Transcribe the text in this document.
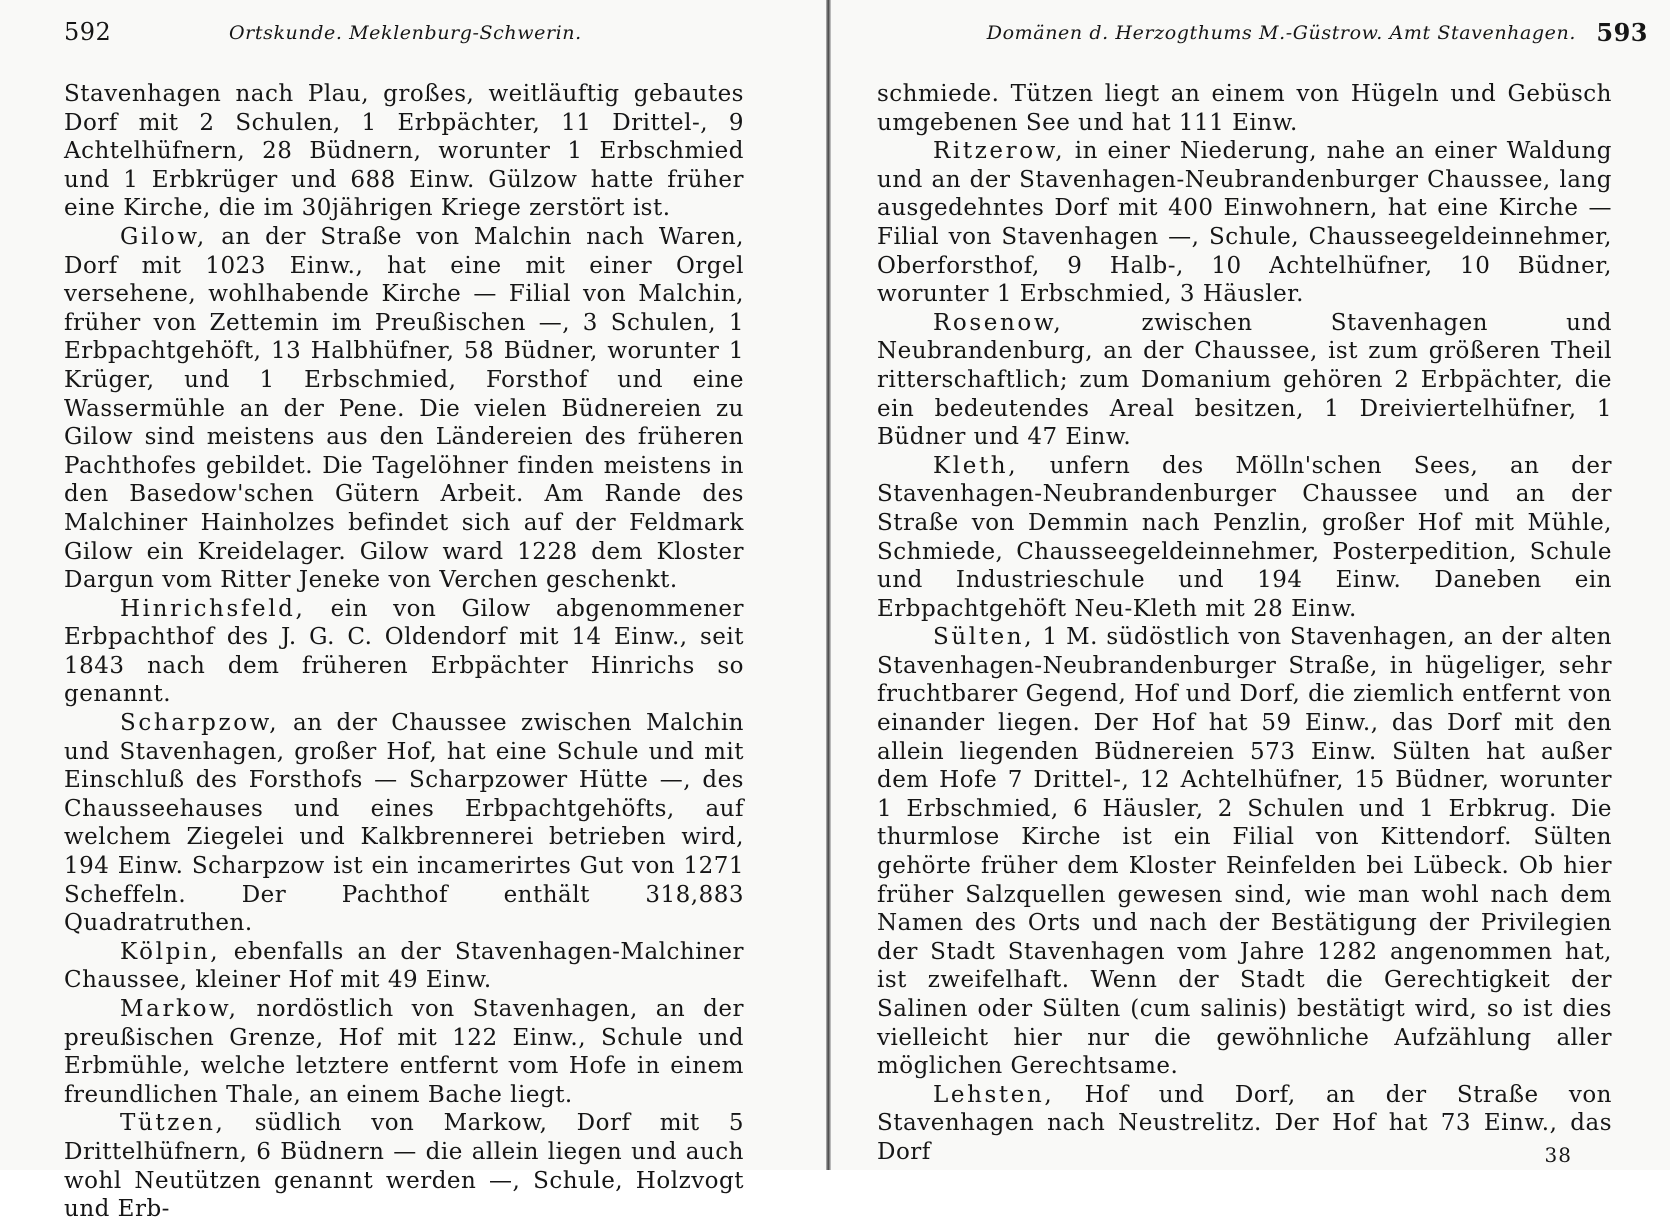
592	Ortskunde. Meklenburg-Schwerin.

Stavenhagen nach Plau, großes, weitläuftig gebautes Dorf mit 2 Schulen, 1 Erbpächter, 11 Drittel-, 9 Achtelhüfnern, 28 Büdnern, worunter 1 Erbschmied und 1 Erbkrüger und 688 Einw. Gülzow hatte früher eine Kirche, die im 30jährigen Kriege zerstört ist.

Gilow, an der Straße von Malchin nach Waren, Dorf mit 1023 Einw., hat eine mit einer Orgel versehene, wohlhabende Kirche — Filial von Malchin, früher von Zettemin im Preußischen —, 3 Schulen, 1 Erbpachtgehöft, 13 Halbhüfner, 58 Büdner, worunter 1 Krüger, und 1 Erbschmied, Forsthof und eine Wassermühle an der Pene. Die vielen Büdnereien zu Gilow sind meistens aus den Ländereien des früheren Pachthofes gebildet. Die Tagelöhner finden meistens in den Basedow'schen Gütern Arbeit. Am Rande des Malchiner Hainholzes befindet sich auf der Feldmark Gilow ein Kreidelager. Gilow ward 1228 dem Kloster Dargun vom Ritter Jeneke von Verchen geschenkt.

Hinrichsfeld, ein von Gilow abgenommener Erbpachthof des J. G. C. Oldendorf mit 14 Einw., seit 1843 nach dem früheren Erbpächter Hinrichs so genannt.

Scharpzow, an der Chaussee zwischen Malchin und Stavenhagen, großer Hof, hat eine Schule und mit Einschluß des Forsthofs — Scharpzower Hütte —, des Chausseehauses und eines Erbpachtgehöfts, auf welchem Ziegelei und Kalkbrennerei betrieben wird, 194 Einw. Scharpzow ist ein incamerirtes Gut von 1271 Scheffeln. Der Pachthof enthält 318,883 Quadratruthen.

Kölpin, ebenfalls an der Stavenhagen-Malchiner Chaussee, kleiner Hof mit 49 Einw.

Markow, nordöstlich von Stavenhagen, an der preußischen Grenze, Hof mit 122 Einw., Schule und Erbmühle, welche letztere entfernt vom Hofe in einem freundlichen Thale, an einem Bache liegt.

Tützen, südlich von Markow, Dorf mit 5 Drittelhüfnern, 6 Büdnern — die allein liegen und auch wohl Neutützen genannt werden —, Schule, Holzvogt und Erb-

Domänen d. Herzogthums M.-Güstrow. Amt Stavenhagen. 593

schmiede. Tützen liegt an einem von Hügeln und Gebüsch umgebenen See und hat 111 Einw.

Ritzerow, in einer Niederung, nahe an einer Waldung und an der Stavenhagen-Neubrandenburger Chaussee, lang ausgedehntes Dorf mit 400 Einwohnern, hat eine Kirche — Filial von Stavenhagen —, Schule, Chausseegeldeinnehmer, Oberforsthof, 9 Halb-, 10 Achtelhüfner, 10 Büdner, worunter 1 Erbschmied, 3 Häusler.

Rosenow, zwischen Stavenhagen und Neubrandenburg, an der Chaussee, ist zum größeren Theil ritterschaftlich; zum Domanium gehören 2 Erbpächter, die ein bedeutendes Areal besitzen, 1 Dreiviertelhüfner, 1 Büdner und 47 Einw.

Kleth, unfern des Mölln'schen Sees, an der Stavenhagen-Neubrandenburger Chaussee und an der Straße von Demmin nach Penzlin, großer Hof mit Mühle, Schmiede, Chausseegeldeinnehmer, Posterpedition, Schule und Industrieschule und 194 Einw. Daneben ein Erbpachtgehöft Neu-Kleth mit 28 Einw.

Sülten, 1 M. südöstlich von Stavenhagen, an der alten Stavenhagen-Neubrandenburger Straße, in hügeliger, sehr fruchtbarer Gegend, Hof und Dorf, die ziemlich entfernt von einander liegen. Der Hof hat 59 Einw., das Dorf mit den allein liegenden Büdnereien 573 Einw. Sülten hat außer dem Hofe 7 Drittel-, 12 Achtelhüfner, 15 Büdner, worunter 1 Erbschmied, 6 Häusler, 2 Schulen und 1 Erbkrug. Die thurmlose Kirche ist ein Filial von Kittendorf. Sülten gehörte früher dem Kloster Reinfelden bei Lübeck. Ob hier früher Salzquellen gewesen sind, wie man wohl nach dem Namen des Orts und nach der Bestätigung der Privilegien der Stadt Stavenhagen vom Jahre 1282 angenommen hat, ist zweifelhaft. Wenn der Stadt die Gerechtigkeit der Salinen oder Sülten (cum salinis) bestätigt wird, so ist dies vielleicht hier nur die gewöhnliche Aufzählung aller möglichen Gerechtsame.

Lehsten, Hof und Dorf, an der Straße von Stavenhagen nach Neustrelitz. Der Hof hat 73 Einw., das Dorf	38
